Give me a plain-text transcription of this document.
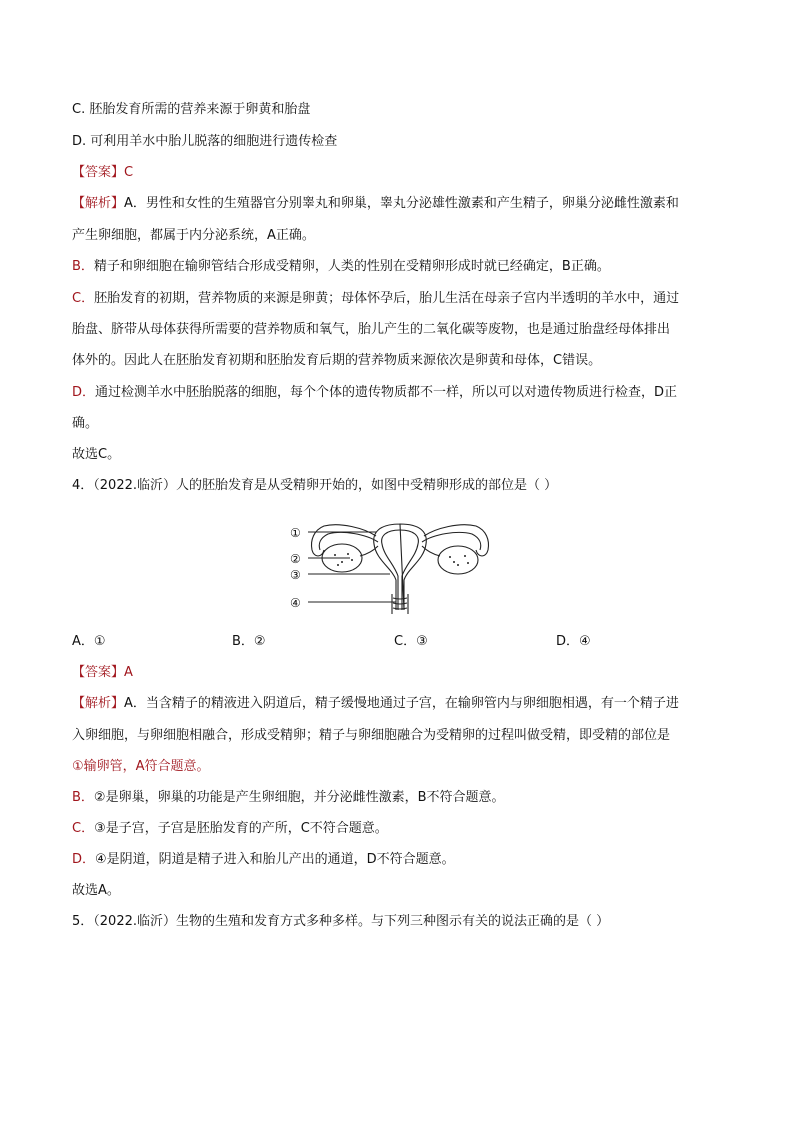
C. 胚胎发育所需的营养来源于卵黄和胎盘
D. 可利用羊水中胎儿脱落的细胞进行遗传检查
【答案】C
【解析】A．男性和女性的生殖器官分别睾丸和卵巢，睾丸分泌雄性激素和产生精子，卵巢分泌雌性激素和
产生卵细胞，都属于内分泌系统，A正确。
B．精子和卵细胞在输卵管结合形成受精卵，人类的性别在受精卵形成时就已经确定，B正确。
C．胚胎发育的初期，营养物质的来源是卵黄；母体怀孕后，胎儿生活在母亲子宫内半透明的羊水中，通过
胎盘、脐带从母体获得所需要的营养物质和氧气，胎儿产生的二氧化碳等废物，也是通过胎盘经母体排出
体外的。因此人在胚胎发育初期和胚胎发育后期的营养物质来源依次是卵黄和母体，C错误。
D．通过检测羊水中胚胎脱落的细胞，每个个体的遗传物质都不一样，所以可以对遗传物质进行检查，D正
确。
故选C。
4．（2022.临沂）人的胚胎发育是从受精卵开始的，如图中受精卵形成的部位是（ ）
①
②
③
④
A．①	B．②	C．③	D．④
【答案】A
【解析】A．当含精子的精液进入阴道后，精子缓慢地通过子宫，在输卵管内与卵细胞相遇，有一个精子进
入卵细胞，与卵细胞相融合，形成受精卵；精子与卵细胞融合为受精卵的过程叫做受精，即受精的部位是
①输卵管，A符合题意。
B．②是卵巢，卵巢的功能是产生卵细胞，并分泌雌性激素，B不符合题意。
C．③是子宫，子宫是胚胎发育的产所，C不符合题意。
D．④是阴道，阴道是精子进入和胎儿产出的通道，D不符合题意。
故选A。
5．（2022.临沂）生物的生殖和发育方式多种多样。与下列三种图示有关的说法正确的是（ ）
